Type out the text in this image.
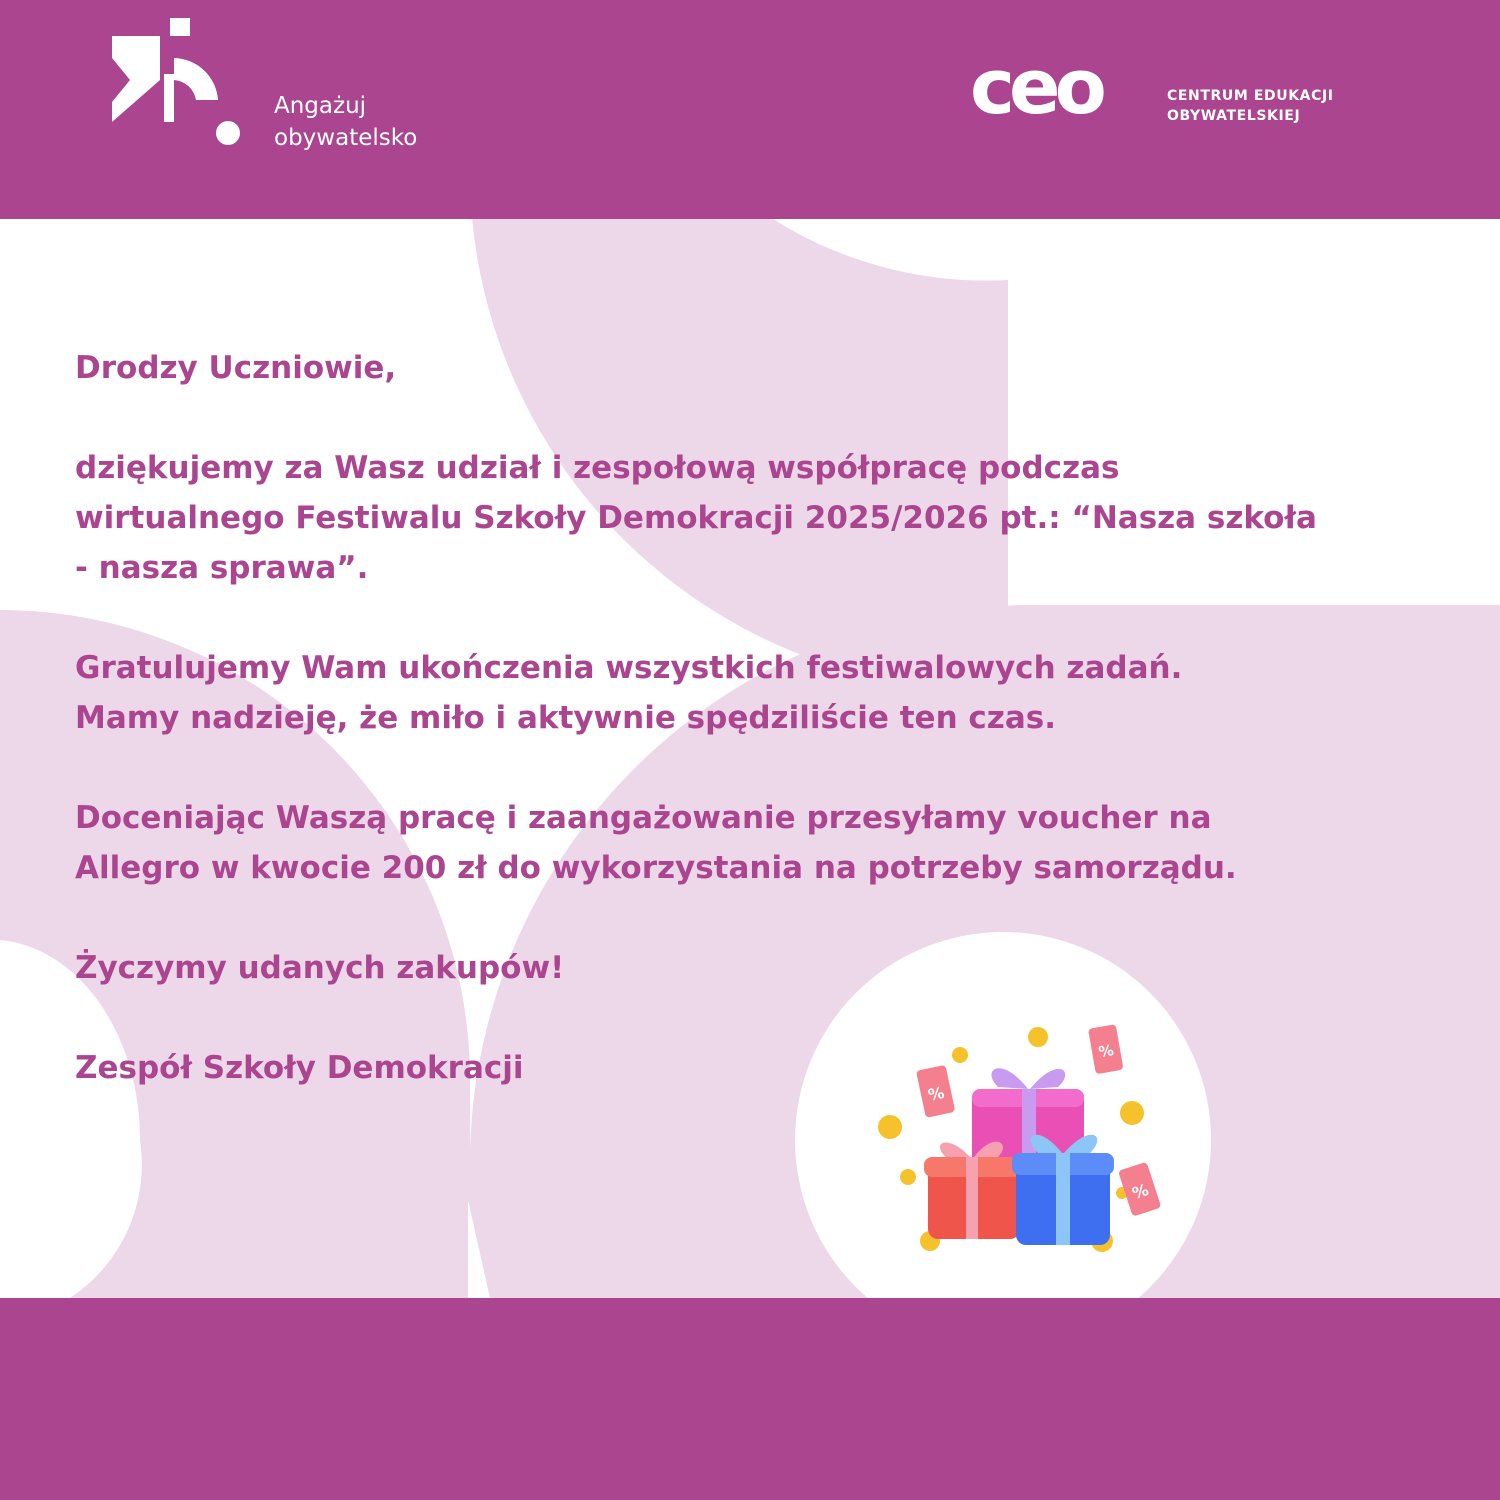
Angażuj
obywatelsko
ceo	CENTRUM EDUKACJI
OBYWATELSKIEJ

Drodzy Uczniowie,

dziękujemy za Wasz udział i zespołową współpracę podczas
wirtualnego Festiwalu Szkoły Demokracji 2025/2026 pt.: “Nasza szkoła
- nasza sprawa”.

Gratulujemy Wam ukończenia wszystkich festiwalowych zadań.
Mamy nadzieję, że miło i aktywnie spędziliście ten czas.

Doceniając Waszą pracę i zaangażowanie przesyłamy voucher na
Allegro w kwocie 200 zł do wykorzystania na potrzeby samorządu.

Życzymy udanych zakupów!

Zespół Szkoły Demokracji

%
%
%
